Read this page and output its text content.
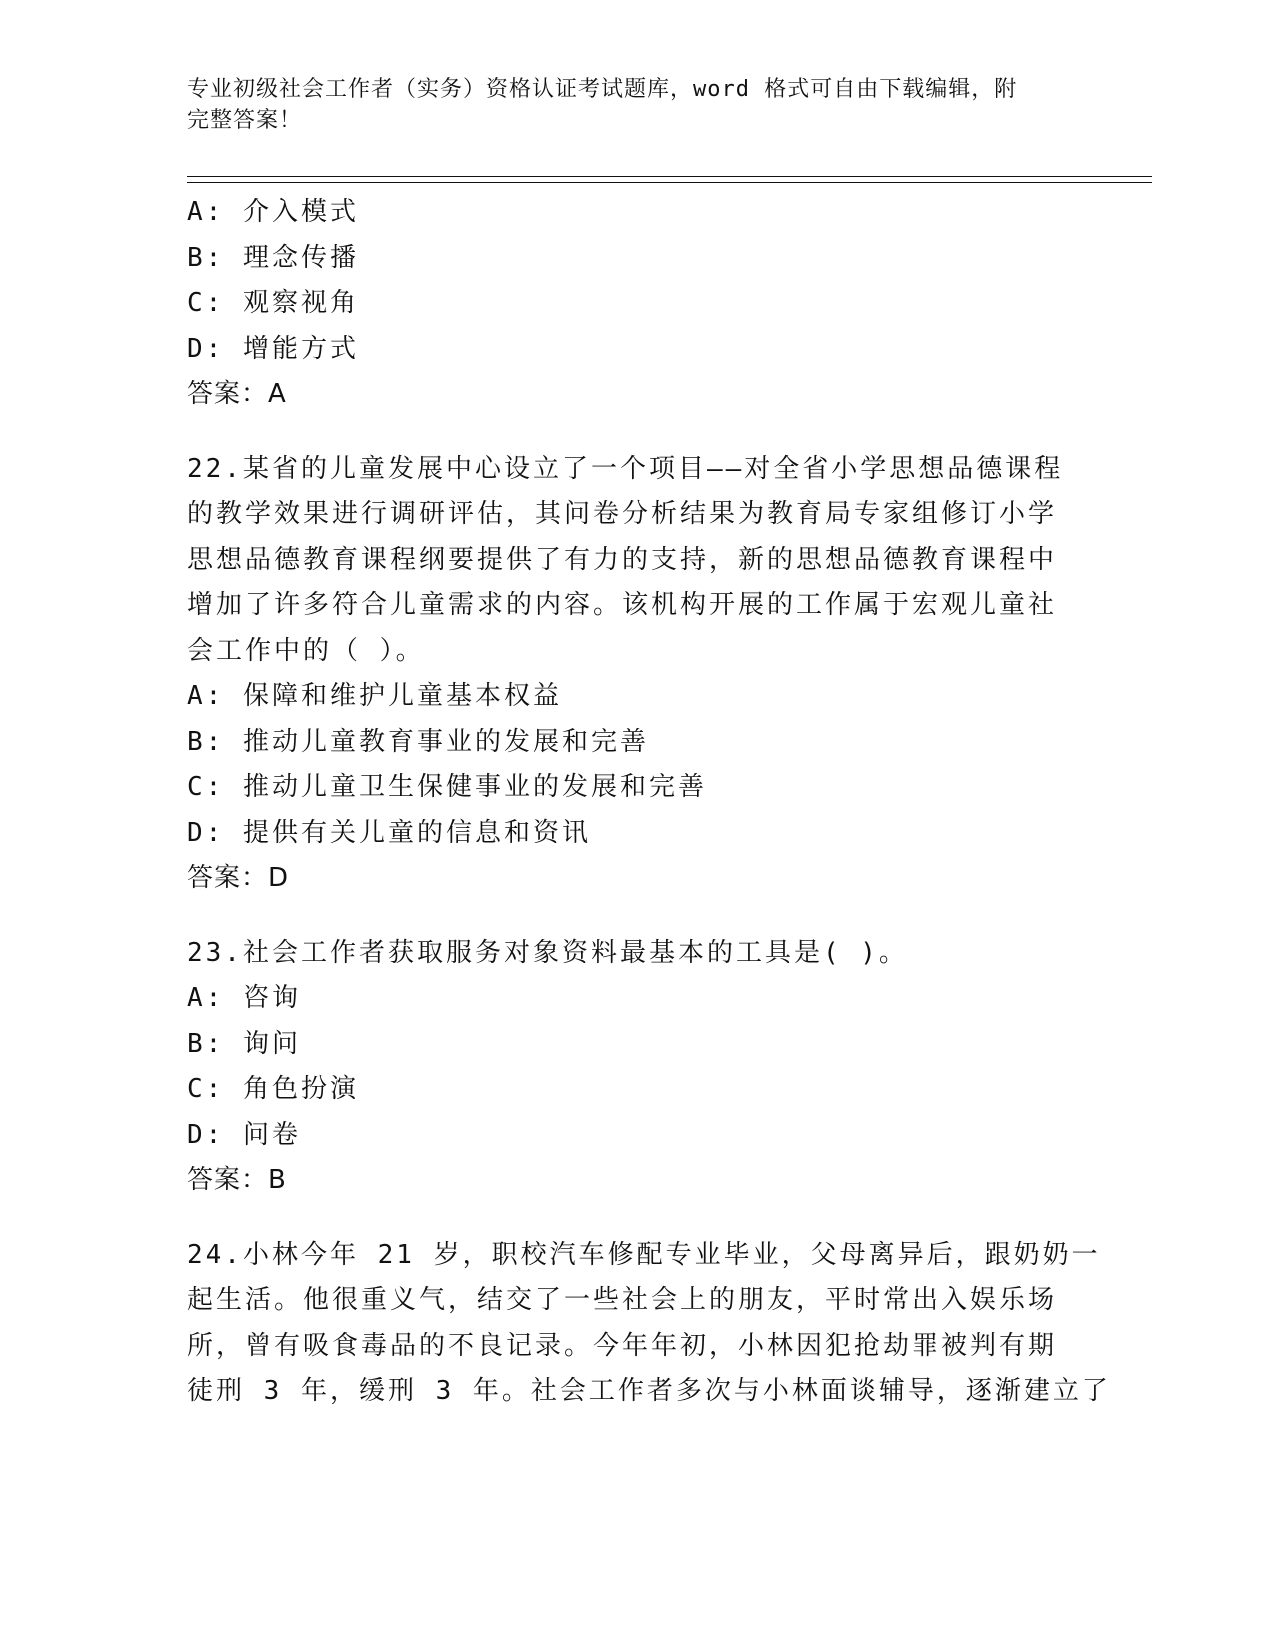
专业初级社会工作者（实务）资格认证考试题库，word 格式可自由下载编辑，附
完整答案！
A: 介入模式
B: 理念传播
C: 观察视角
D: 增能方式
答案：A
22.某省的儿童发展中心设立了一个项目——对全省小学思想品德课程
的教学效果进行调研评估，其问卷分析结果为教育局专家组修订小学
思想品德教育课程纲要提供了有力的支持，新的思想品德教育课程中
增加了许多符合儿童需求的内容。该机构开展的工作属于宏观儿童社
会工作中的（ ）。
A: 保障和维护儿童基本权益
B: 推动儿童教育事业的发展和完善
C: 推动儿童卫生保健事业的发展和完善
D: 提供有关儿童的信息和资讯
答案：D
23.社会工作者获取服务对象资料最基本的工具是( )。
A: 咨询
B: 询问
C: 角色扮演
D: 问卷
答案：B
24.小林今年 21 岁，职校汽车修配专业毕业，父母离异后，跟奶奶一
起生活。他很重义气，结交了一些社会上的朋友，平时常出入娱乐场
所，曾有吸食毒品的不良记录。今年年初，小林因犯抢劫罪被判有期
徒刑 3 年，缓刑 3 年。社会工作者多次与小林面谈辅导，逐渐建立了
